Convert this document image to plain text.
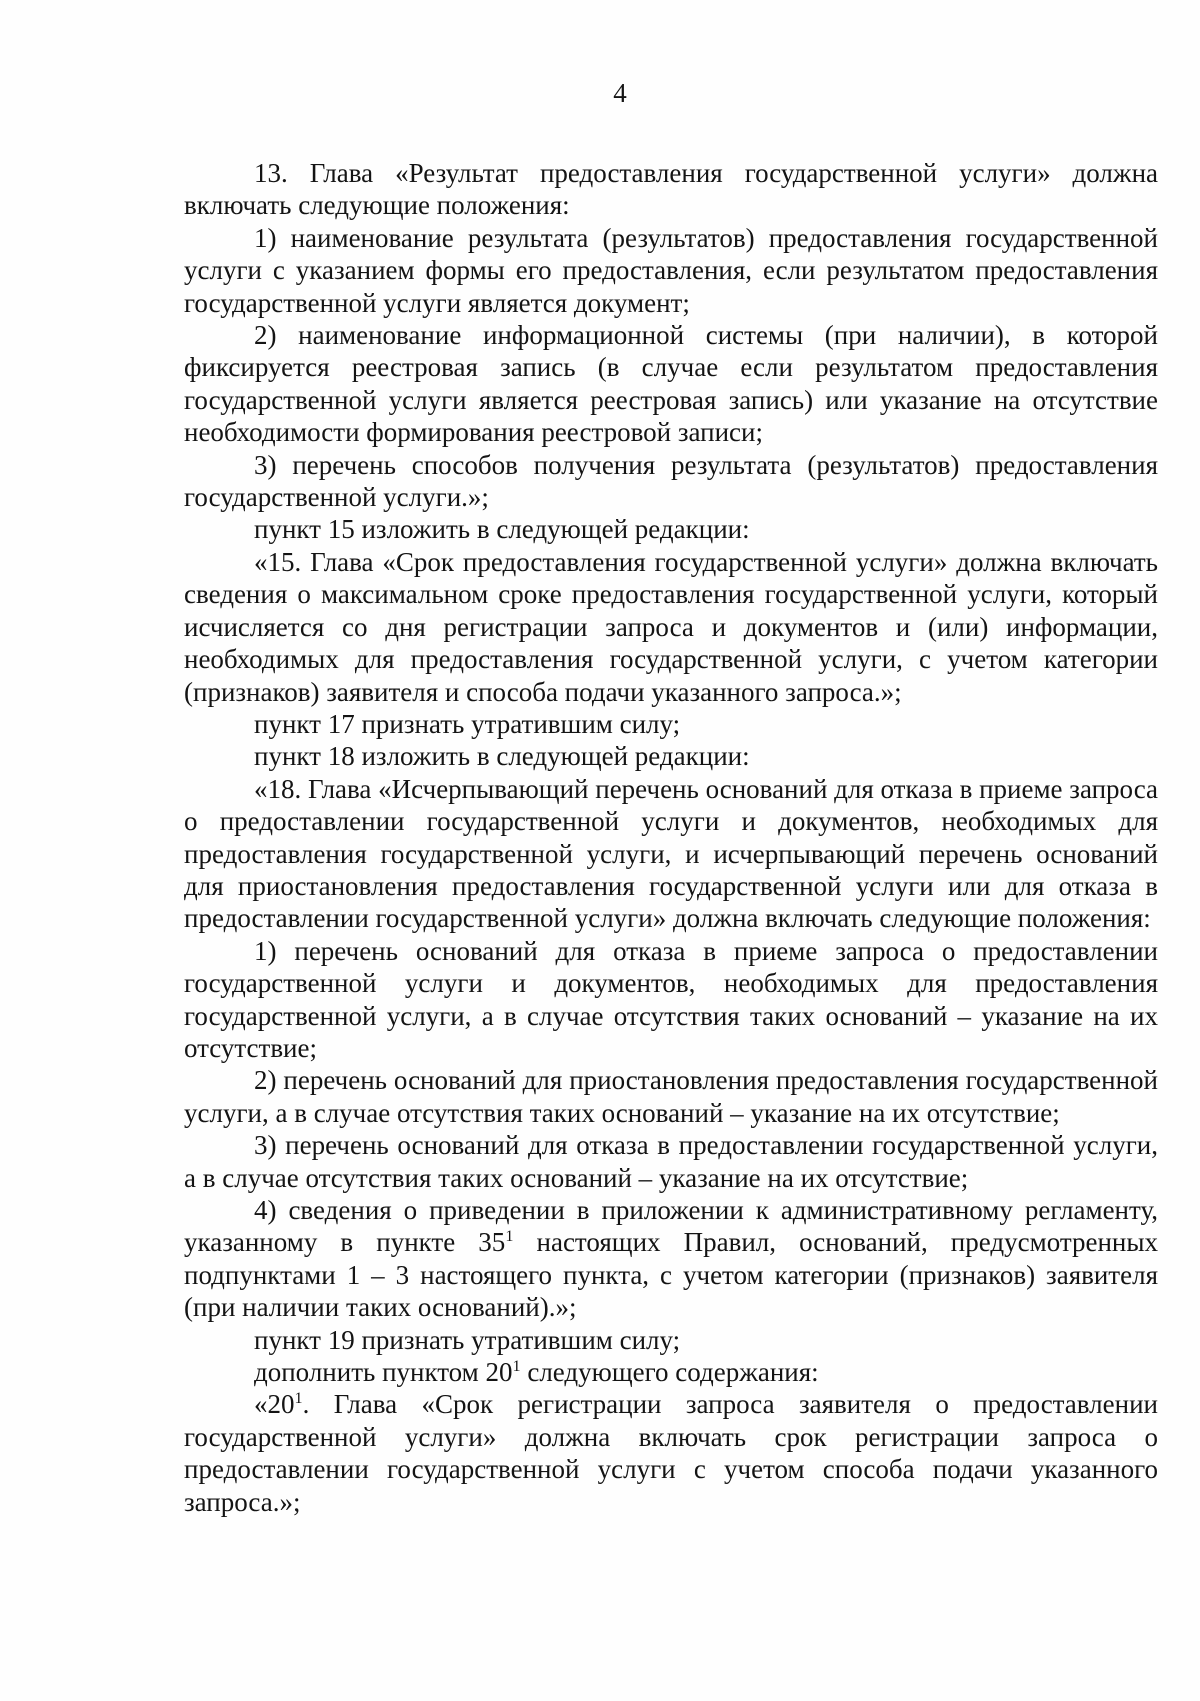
4

13. Глава «Результат предоставления государственной услуги» должна включать следующие положения:

1) наименование результата (результатов) предоставления государственной услуги с указанием формы его предоставления, если результатом предоставления государственной услуги является документ;

2) наименование информационной системы (при наличии), в которой фиксируется реестровая запись (в случае если результатом предоставления государственной услуги является реестровая запись) или указание на отсутствие необходимости формирования реестровой записи;

3) перечень способов получения результата (результатов) предоставления государственной услуги.»;

пункт 15 изложить в следующей редакции:

«15. Глава «Срок предоставления государственной услуги» должна включать сведения о максимальном сроке предоставления государственной услуги, который исчисляется со дня регистрации запроса и документов и (или) информации, необходимых для предоставления государственной услуги, с учетом категории (признаков) заявителя и способа подачи указанного запроса.»;

пункт 17 признать утратившим силу;

пункт 18 изложить в следующей редакции:

«18. Глава «Исчерпывающий перечень оснований для отказа в приеме запроса о предоставлении государственной услуги и документов, необходимых для предоставления государственной услуги, и исчерпывающий перечень оснований для приостановления предоставления государственной услуги или для отказа в предоставлении государственной услуги» должна включать следующие положения:

1) перечень оснований для отказа в приеме запроса о предоставлении государственной услуги и документов, необходимых для предоставления государственной услуги, а в случае отсутствия таких оснований – указание на их отсутствие;

2) перечень оснований для приостановления предоставления государственной услуги, а в случае отсутствия таких оснований – указание на их отсутствие;

3) перечень оснований для отказа в предоставлении государственной услуги, а в случае отсутствия таких оснований – указание на их отсутствие;

4) сведения о приведении в приложении к административному регламенту, указанному в пункте $35^1$ настоящих Правил, оснований, предусмотренных подпунктами 1 – 3 настоящего пункта, с учетом категории (признаков) заявителя (при наличии таких оснований).»;

пункт 19 признать утратившим силу;

дополнить пунктом $20^1$ следующего содержания:

«$20^1$. Глава «Срок регистрации запроса заявителя о предоставлении государственной услуги» должна включать срок регистрации запроса о предоставлении государственной услуги с учетом способа подачи указанного запроса.»;
